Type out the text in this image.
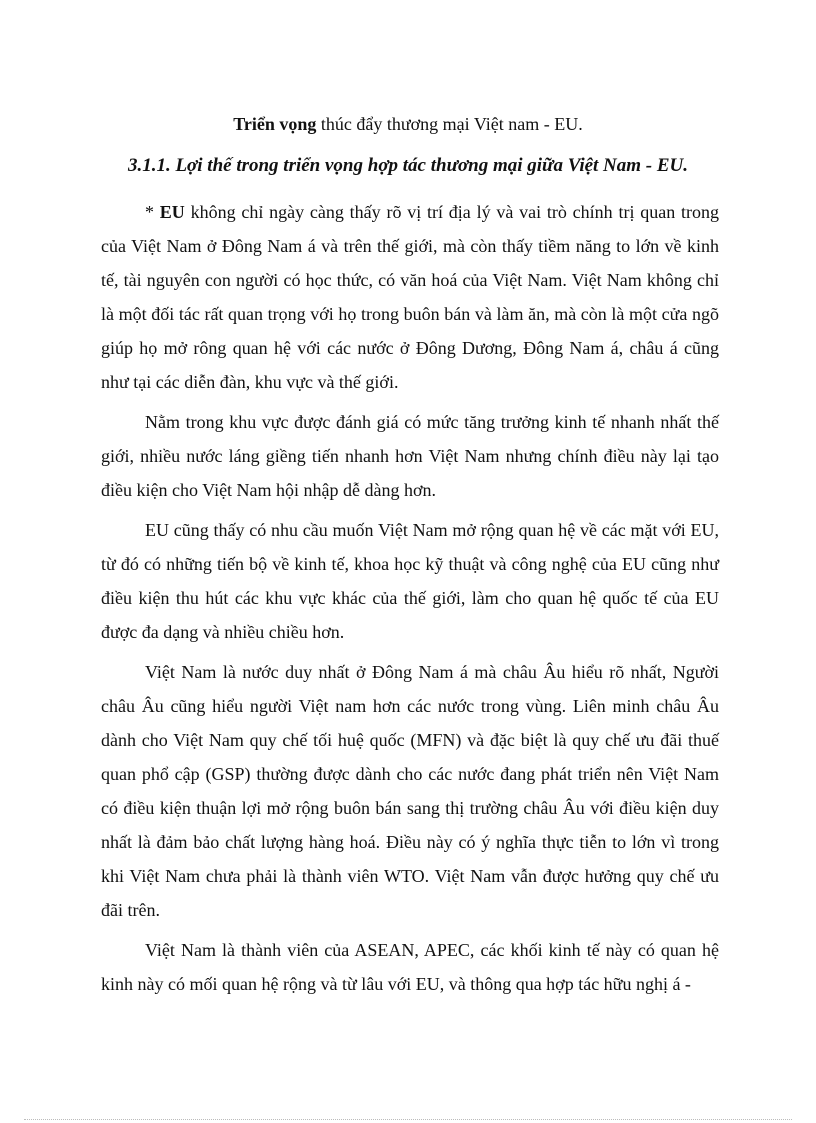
Triển vọng thúc đẩy thương mại Việt nam - EU.
3.1.1. Lợi thế trong triển vọng hợp tác thương mại giữa Việt Nam - EU.

* EU không chỉ ngày càng thấy rõ vị trí địa lý và vai trò chính trị quan trong của Việt Nam ở Đông Nam á và trên thế giới, mà còn thấy tiềm năng to lớn về kinh tế, tài nguyên con người có học thức, có văn hoá của Việt Nam. Việt Nam không chỉ là một đối tác rất quan trọng với họ trong buôn bán và làm ăn, mà còn là một cửa ngõ giúp họ mở rông quan hệ với các nước ở Đông Dương, Đông Nam á, châu á cũng như tại các diễn đàn, khu vực và thế giới.

Nằm trong khu vực được đánh giá có mức tăng trưởng kinh tế nhanh nhất thế giới, nhiều nước láng giềng tiến nhanh hơn Việt Nam nhưng chính điều này lại tạo điều kiện cho Việt Nam hội nhập dễ dàng hơn.

EU cũng thấy có nhu cầu muốn Việt Nam mở rộng quan hệ về các mặt với EU, từ đó có những tiến bộ về kinh tế, khoa học kỹ thuật và công nghệ của EU cũng như điều kiện thu hút các khu vực khác của thế giới, làm cho quan hệ quốc tế của EU được đa dạng và nhiều chiều hơn.

Việt Nam là nước duy nhất ở Đông Nam á mà châu Âu hiểu rõ nhất, Người châu Âu cũng hiểu người Việt nam hơn các nước trong vùng. Liên minh châu Âu dành cho Việt Nam quy chế tối huệ quốc (MFN) và đặc biệt là quy chế ưu đãi thuế quan phổ cập (GSP) thường được dành cho các nước đang phát triển nên Việt Nam có điều kiện thuận lợi mở rộng buôn bán sang thị trường châu Âu với điều kiện duy nhất là đảm bảo chất lượng hàng hoá. Điều này có ý nghĩa thực tiễn to lớn vì trong khi Việt Nam chưa phải là thành viên WTO. Việt Nam vẫn được hưởng quy chế ưu đãi trên.

Việt Nam là thành viên của ASEAN, APEC, các khối kinh tế này có quan hệ kinh này có mối quan hệ rộng và từ lâu với EU, và thông qua hợp tác hữu nghị á -
